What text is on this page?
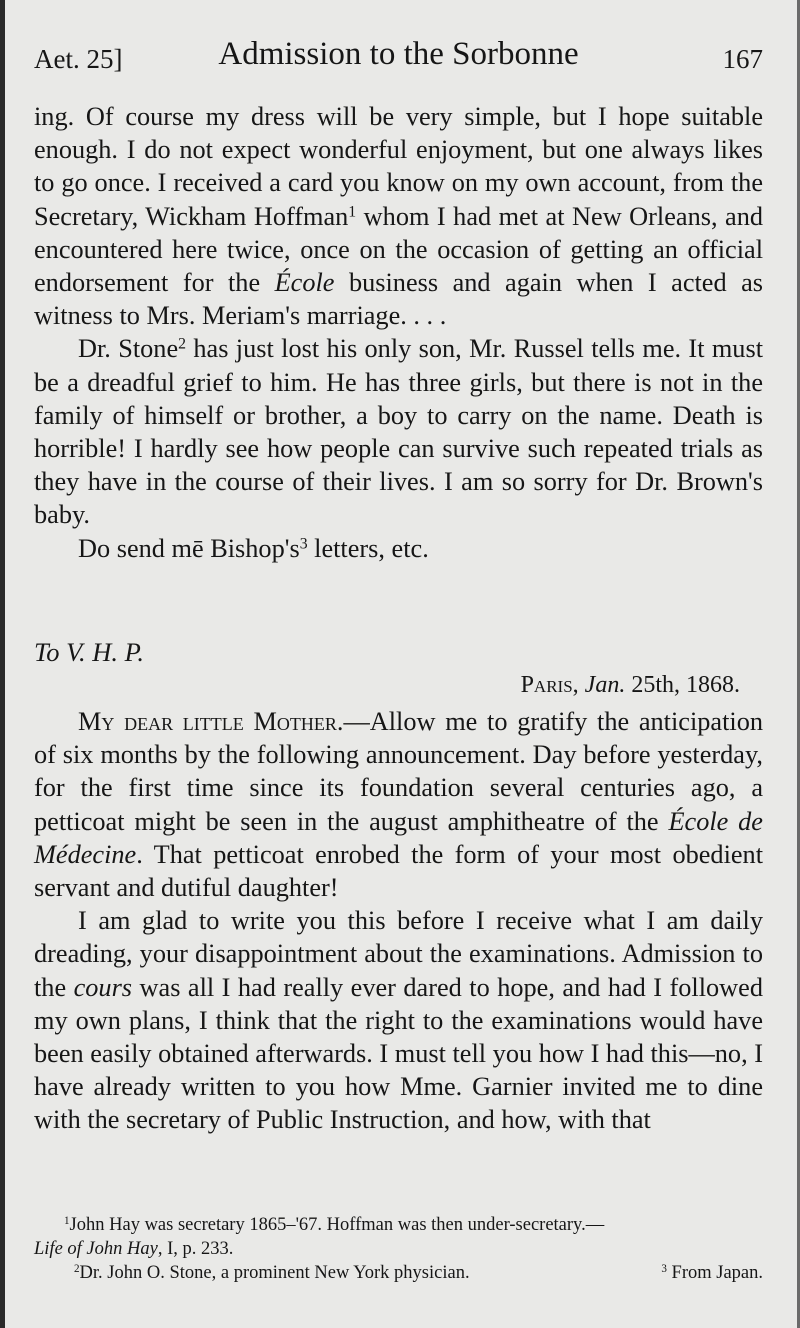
Aet. 25]	Admission to the Sorbonne	167

ing. Of course my dress will be very simple, but I hope suitable enough. I do not expect wonderful enjoyment, but one always likes to go once. I received a card you know on my own account, from the Secretary, Wickham Hoffman$^1$ whom I had met at New Orleans, and encountered here twice, once on the occasion of getting an official endorsement for the École business and again when I acted as witness to Mrs. Meriam's marriage. . . .

Dr. Stone$^2$ has just lost his only son, Mr. Russel tells me. It must be a dreadful grief to him. He has three girls, but there is not in the family of himself or brother, a boy to carry on the name. Death is horrible! I hardly see how people can survive such repeated trials as they have in the course of their lives. I am so sorry for Dr. Brown's baby.

Do send mē $Bishop's^3$ letters, etc.

To V. H. P.
Paris, Jan. 25th, 1868.

My dear little Mother.—Allow me to gratify the anticipation of six months by the following announcement. Day before yesterday, for the first time since its foundation several centuries ago, a petticoat might be seen in the august amphitheatre of the École de Médecine. That petticoat enrobed the form of your most obedient servant and dutiful daughter!

I am glad to write you this before I receive what I am daily dreading, your disappointment about the examinations. Admission to the cours was all I had really ever dared to hope, and had I followed my own plans, I think that the right to the examinations would have been easily obtained afterwards. I must tell you how I had this—no, I have already written to you how Mme. Garnier invited me to dine with the secretary of Public Instruction, and how, with that

$^1$John Hay was secretary 1865–'67. Hoffman was then under-secretary.—
Life of John Hay, I, p. 233.
$^2$Dr. John O. Stone, a prominent New York physician.	$^3$ From Japan.
